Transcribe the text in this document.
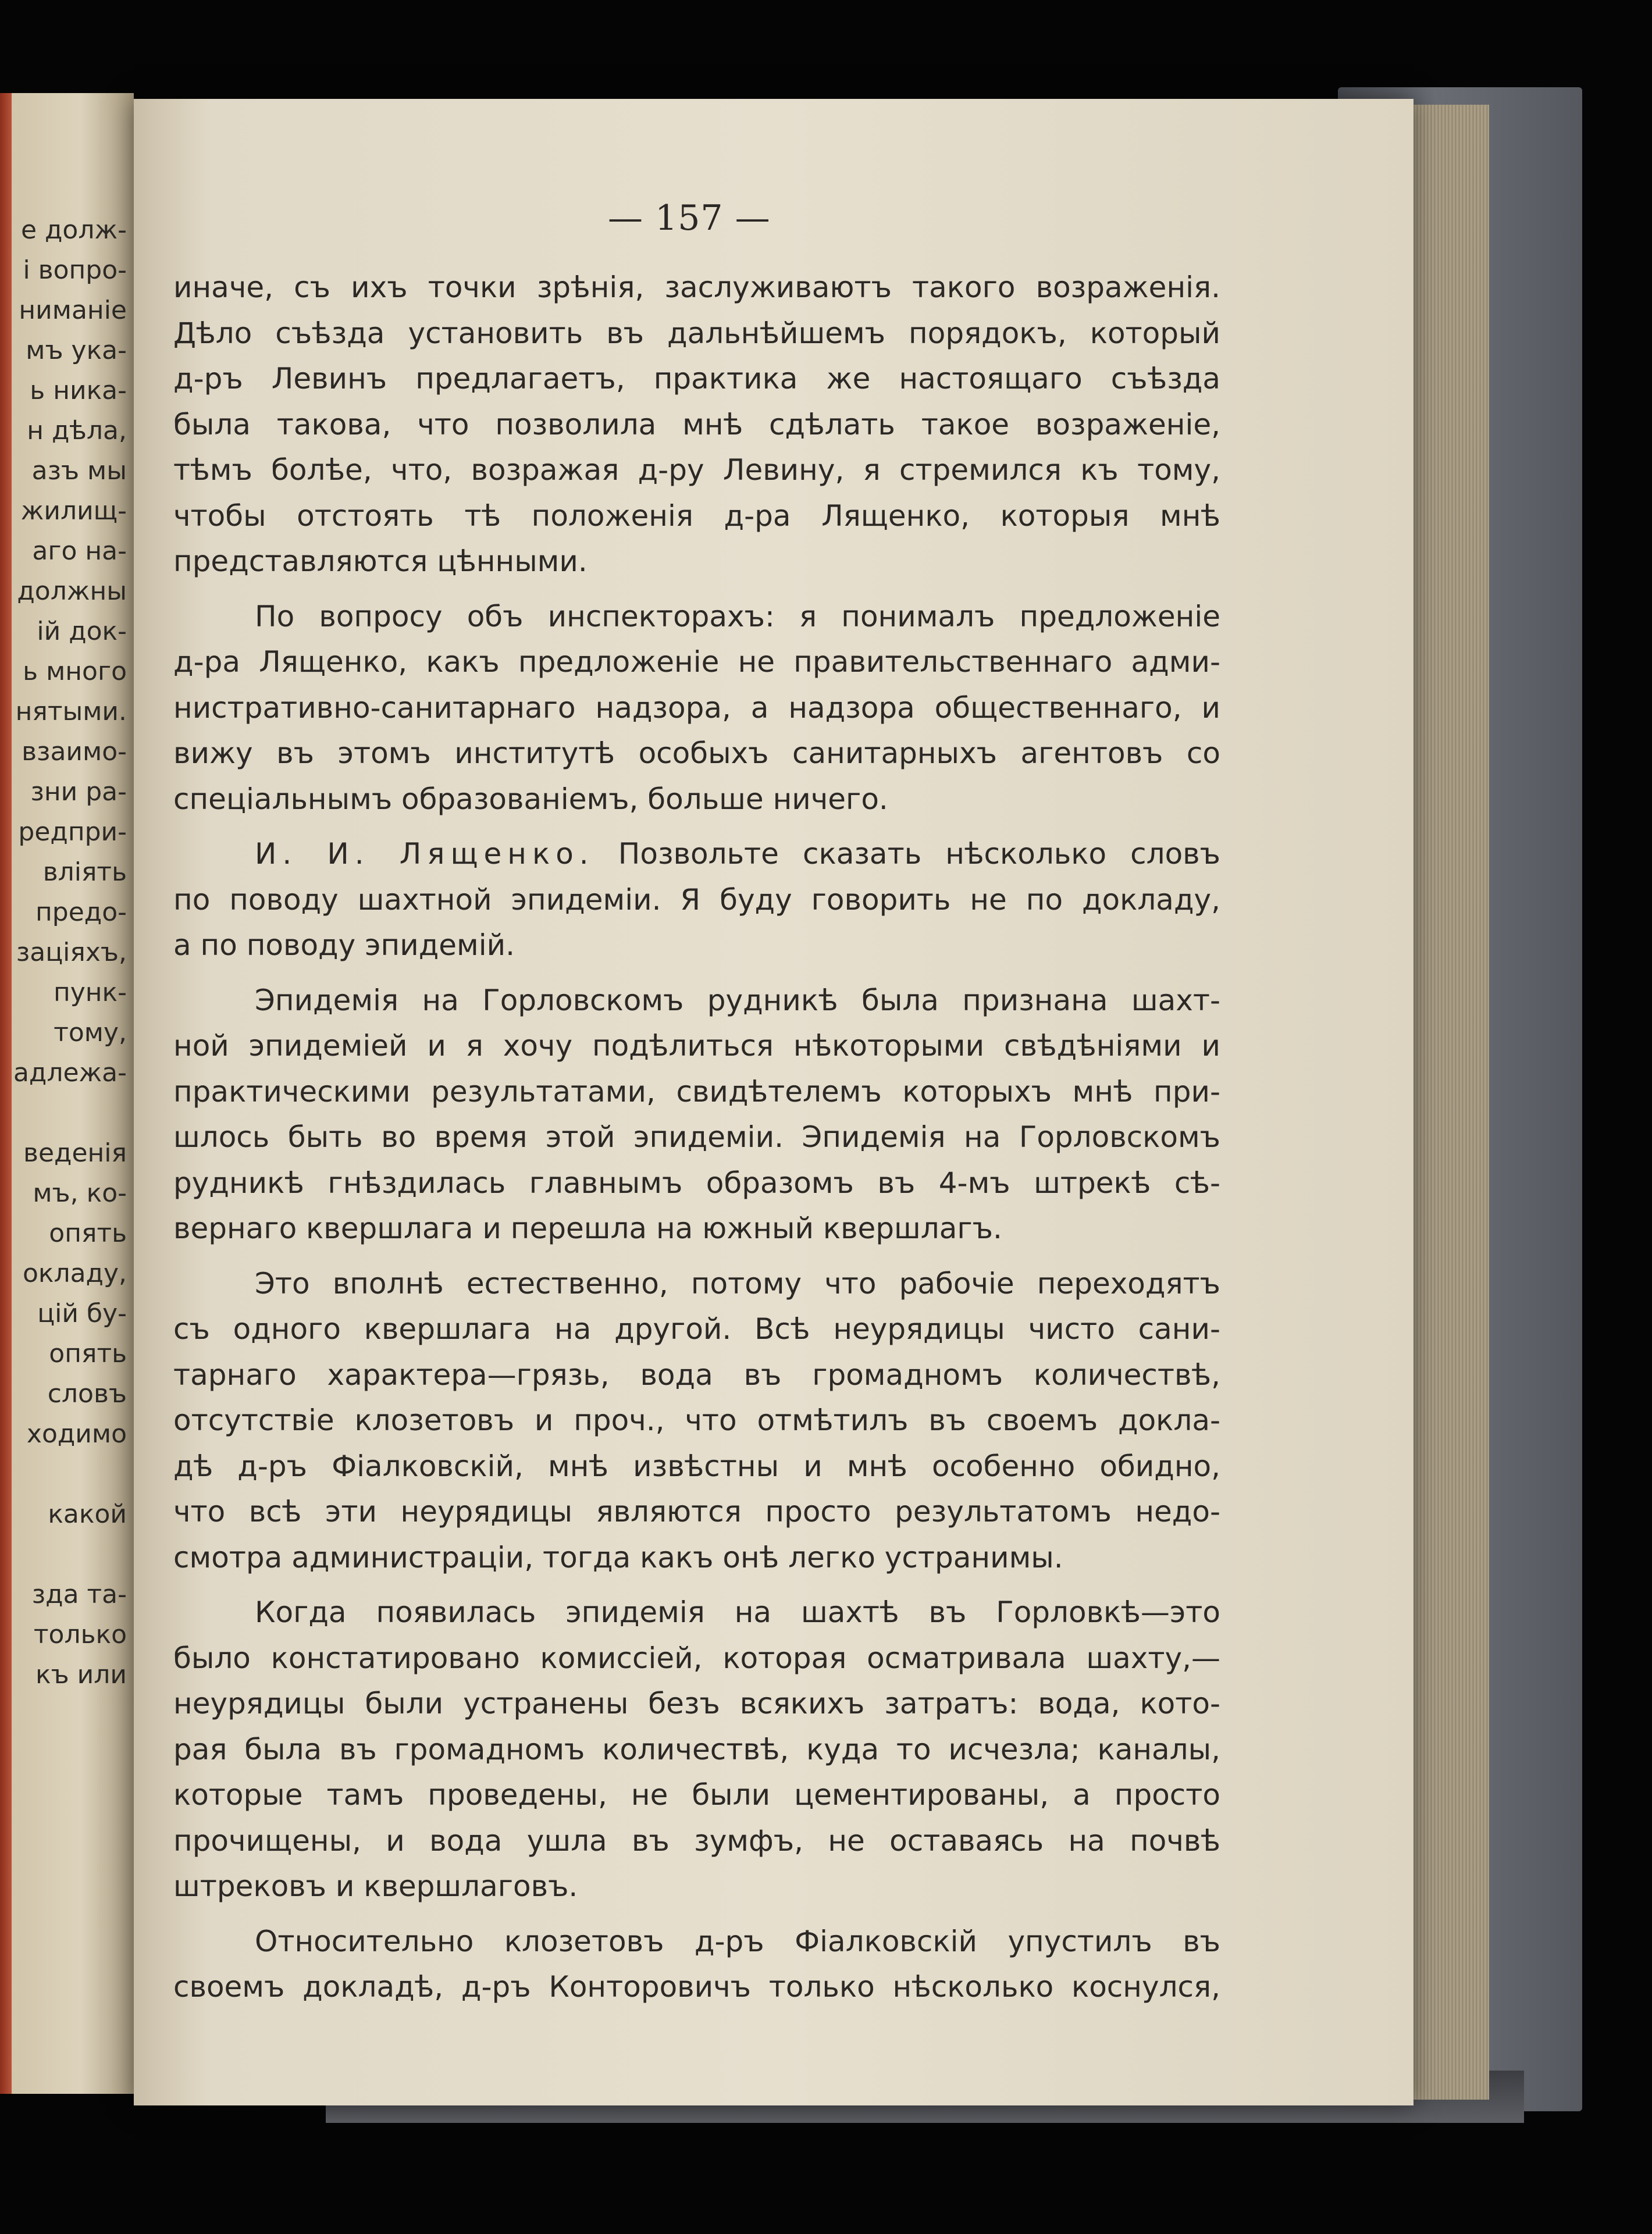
е долж-
і вопро-
ниманіе
мъ ука-
ь ника-
н дѣла,
азъ мы
жилищ-
аго на-
должны
ій док-
ь много
нятыми.
взаимо-
зни ра-
редпри-
вліять
предо-
заціяхъ,
пунк-
тому,
адлежа-
веденія
мъ, ко-
опять
окладу,
цій бу-
опять
словъ
ходимо
какой
зда та-
только
къ или
— 157 —
иначе, съ ихъ точки зрѣнія, заслуживаютъ такого возраженія.
Дѣло съѣзда установить въ дальнѣйшемъ порядокъ, который
д-ръ Левинъ предлагаетъ, практика же настоящаго съѣзда
была такова, что позволила мнѣ сдѣлать такое возраженіе,
тѣмъ болѣе, что, возражая д-ру Левину, я стремился къ тому,
чтобы отстоять тѣ положенія д-ра Лященко, которыя мнѣ
представляются цѣнными.
По вопросу объ инспекторахъ: я понималъ предложеніе
д-ра Лященко, какъ предложеніе не правительственнаго адми-
нистративно-санитарнаго надзора, а надзора общественнаго, и
вижу въ этомъ институтѣ особыхъ санитарныхъ агентовъ со
спеціальнымъ образованіемъ, больше ничего.
И. И. Лященко. Позвольте сказать нѣсколько словъ
по поводу шахтной эпидеміи. Я буду говорить не по докладу,
а по поводу эпидемій.
Эпидемія на Горловскомъ рудникѣ была признана шахт-
ной эпидеміей и я хочу подѣлиться нѣкоторыми свѣдѣніями и
практическими результатами, свидѣтелемъ которыхъ мнѣ при-
шлось быть во время этой эпидеміи. Эпидемія на Горловскомъ
рудникѣ гнѣздилась главнымъ образомъ въ 4-мъ штрекѣ сѣ-
вернаго квершлага и перешла на южный квершлагъ.
Это вполнѣ естественно, потому что рабочіе переходятъ
съ одного квершлага на другой. Всѣ неурядицы чисто сани-
тарнаго характера—грязь, вода въ громадномъ количествѣ,
отсутствіе клозетовъ и проч., что отмѣтилъ въ своемъ доклa-
дѣ д-ръ Фіалковскій, мнѣ извѣстны и мнѣ особенно обидно,
что всѣ эти неурядицы являются просто результатомъ недо-
смотра администраціи, тогда какъ онѣ легко устранимы.
Когда появилась эпидемія на шахтѣ въ Горловкѣ—это
было констатировано комиссіей, которая осматривала шахту,—
неурядицы были устранены безъ всякихъ затратъ: вода, кото-
рая была въ громадномъ количествѣ, куда то исчезла; каналы,
которые тамъ проведены, не были цементированы, а просто
прочищены, и вода ушла въ зумфъ, не оставаясь на почвѣ
штрековъ и квершлаговъ.
Относительно клозетовъ д-ръ Фіалковскій упустилъ въ
своемъ докладѣ, д-ръ Конторовичъ только нѣсколько коснулся,
